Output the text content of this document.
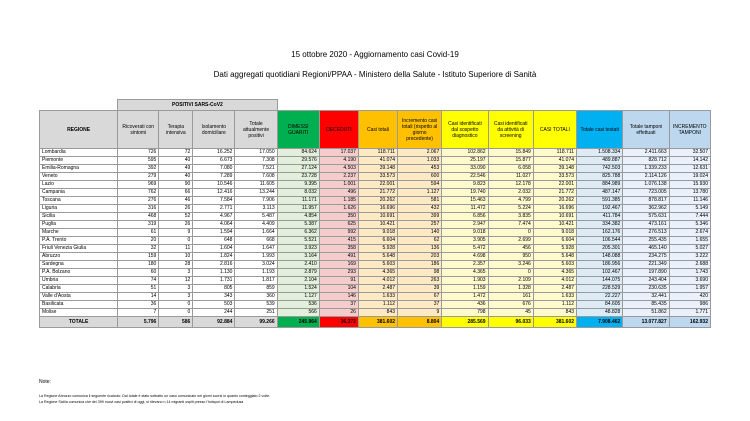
15 ottobre 2020 - Aggiornamento casi Covid-19
Dati aggregati quotidiani Regioni/PPAA - Ministero della Salute - Istituto Superiore di Sanità
	POSITIVI SARS-CoV2													
REGIONE	Ricoverati con sintomi	Terapia intensiva	Isolamento domiciliare	Totale attualmente positivi	DIMESSI GUARITI	DECEDUTI	Casi totali	Incremento casi totali (rispetto al giorno precedente)	Casi identificati dal sospetto diagnostico	Casi identificati da attività di screening	CASI TOTALI	Totale casi testati	Totale tamponi effettuati	INCREMENTO TAMPONI
Lombardia	726	72	16.252	17.050	84.624	17.037	118.711	2.067	102.862	15.849	118.711	1.508.334	2.411.663	32.507
Piemonte	595	40	6.673	7.308	29.576	4.190	41.074	1.033	25.197	15.877	41.074	489.887	828.712	14.142
Emilia-Romagna	392	49	7.080	7.521	27.124	4.503	39.148	453	33.090	6.058	39.148	742.503	1.339.233	12.631
Veneto	279	40	7.289	7.608	23.728	2.237	33.573	600	22.546	11.027	33.573	825.788	2.114.126	19.024
Lazio	969	90	10.546	11.605	9.395	1.001	22.001	594	9.823	12.178	22.001	884.989	1.076.138	15.930
Campania	762	66	12.416	13.244	8.032	496	21.772	1.127	19.740	2.032	21.772	487.147	723.005	13.780
Toscana	276	46	7.584	7.906	11.171	1.185	20.262	581	15.463	4.799	20.262	591.385	878.817	11.146
Liguria	316	26	2.771	3.113	11.957	1.626	16.696	432	11.472	5.224	16.696	192.467	362.962	5.149
Sicilia	468	52	4.967	5.487	4.854	350	10.691	399	6.856	3.835	10.691	411.784	575.631	7.444
Puglia	319	26	4.064	4.409	5.387	625	10.421	257	2.947	7.474	10.421	334.382	473.161	5.346
Marche	61	9	1.594	1.664	6.362	992	9.018	140	9.018	0	9.018	162.176	276.513	2.674
P.A. Trento	20	0	648	668	5.521	415	6.604	62	3.905	2.699	6.604	106.544	255.435	1.655
Friuli Venezia Giulia	32	11	1.604	1.647	3.923	358	5.928	136	5.472	456	5.928	205.301	465.140	5.027
Abruzzo	159	10	1.824	1.993	3.164	491	5.648	203	4.698	950	5.648	148.088	234.275	3.222
Sardegna	180	28	2.816	3.024	2.410	169	5.603	186	2.357	3.246	5.603	186.956	221.349	2.688
P.A. Bolzano	60	3	1.130	1.193	2.879	293	4.365	98	4.365	0	4.365	102.467	197.890	1.743
Umbria	74	12	1.731	1.817	2.104	91	4.012	263	1.903	2.109	4.012	144.075	243.404	3.690
Calabria	51	3	805	859	1.524	104	2.487	39	1.159	1.328	2.487	228.529	230.635	1.957
Valle d'Aosta	14	3	343	360	1.127	146	1.633	67	1.472	161	1.633	22.227	32.441	420
Basilicata	36	0	503	539	536	37	1.112	37	436	676	1.112	84.605	85.435	986
Molise	7	0	244	251	566	26	843	9	798	45	843	48.828	51.862	1.771
TOTALE	5.796	586	92.884	99.266	245.964	36.372	381.602	8.804	285.569	96.033	381.602	7.908.462	13.077.827	162.932
Note:
La Regione Abruzzo comunica il seguente ricalcolo: Dal totale è stato sottratto un caso comunicato nei giorni scorsi in quanto conteggiato 2 volte.
La Regione Sicilia comunica che dei 399 nuovi casi positivi di oggi, si rilevano n 14 migranti ospiti presso l'hotspot di Lampedusa
